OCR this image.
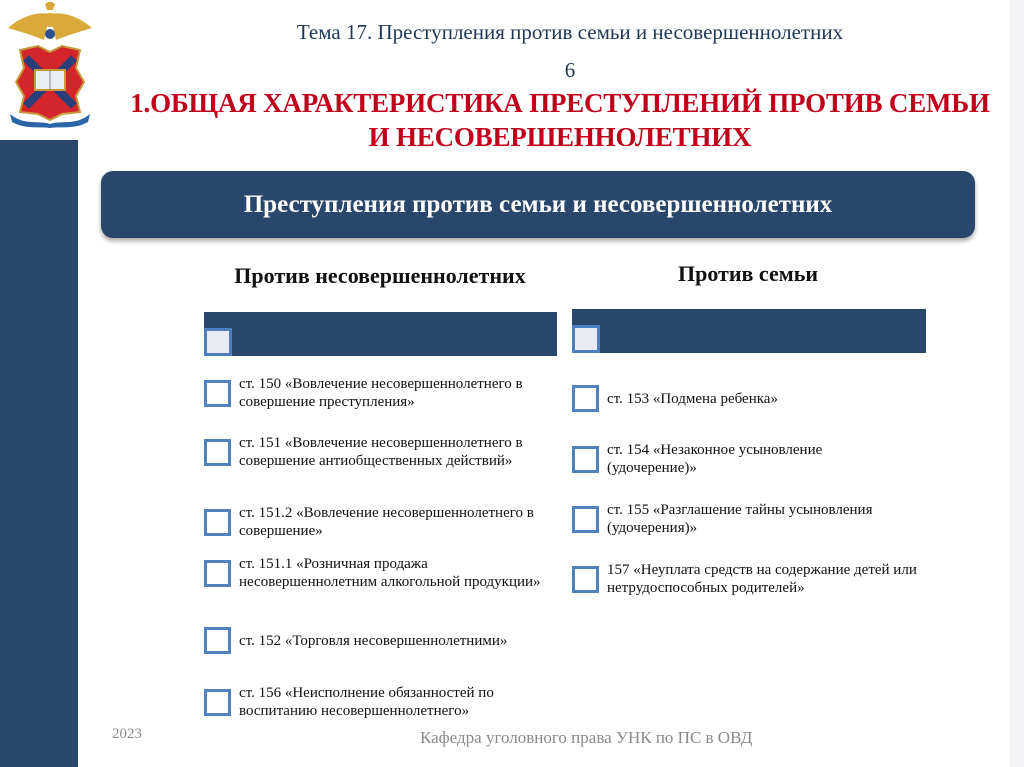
Тема 17. Преступления против семьи и несовершеннолетних
6
1.ОБЩАЯ ХАРАКТЕРИСТИКА ПРЕСТУПЛЕНИЙ ПРОТИВ СЕМЬИ И НЕСОВЕРШЕННОЛЕТНИХ
Преступления против семьи и несовершеннолетних
Против несовершеннолетних
ст. 150 «Вовлечение несовершеннолетнего в совершение преступления»
ст. 151 «Вовлечение несовершеннолетнего в совершение антиобщественных действий»
ст. 151.2 «Вовлечение несовершеннолетнего в совершение»
ст. 151.1 «Розничная продажа несовершеннолетним алкогольной продукции»
ст. 152 «Торговля несовершеннолетними»
ст. 156 «Неисполнение обязанностей по воспитанию несовершеннолетнего»
Против семьи
ст. 153 «Подмена ребенка»
ст. 154 «Незаконное усыновление (удочерение)»
ст. 155 «Разглашение тайны усыновления (удочерения)»
157 «Неуплата средств на содержание детей или нетрудоспособных родителей»
2023	Кафедра уголовного права УНК по ПС в ОВД
